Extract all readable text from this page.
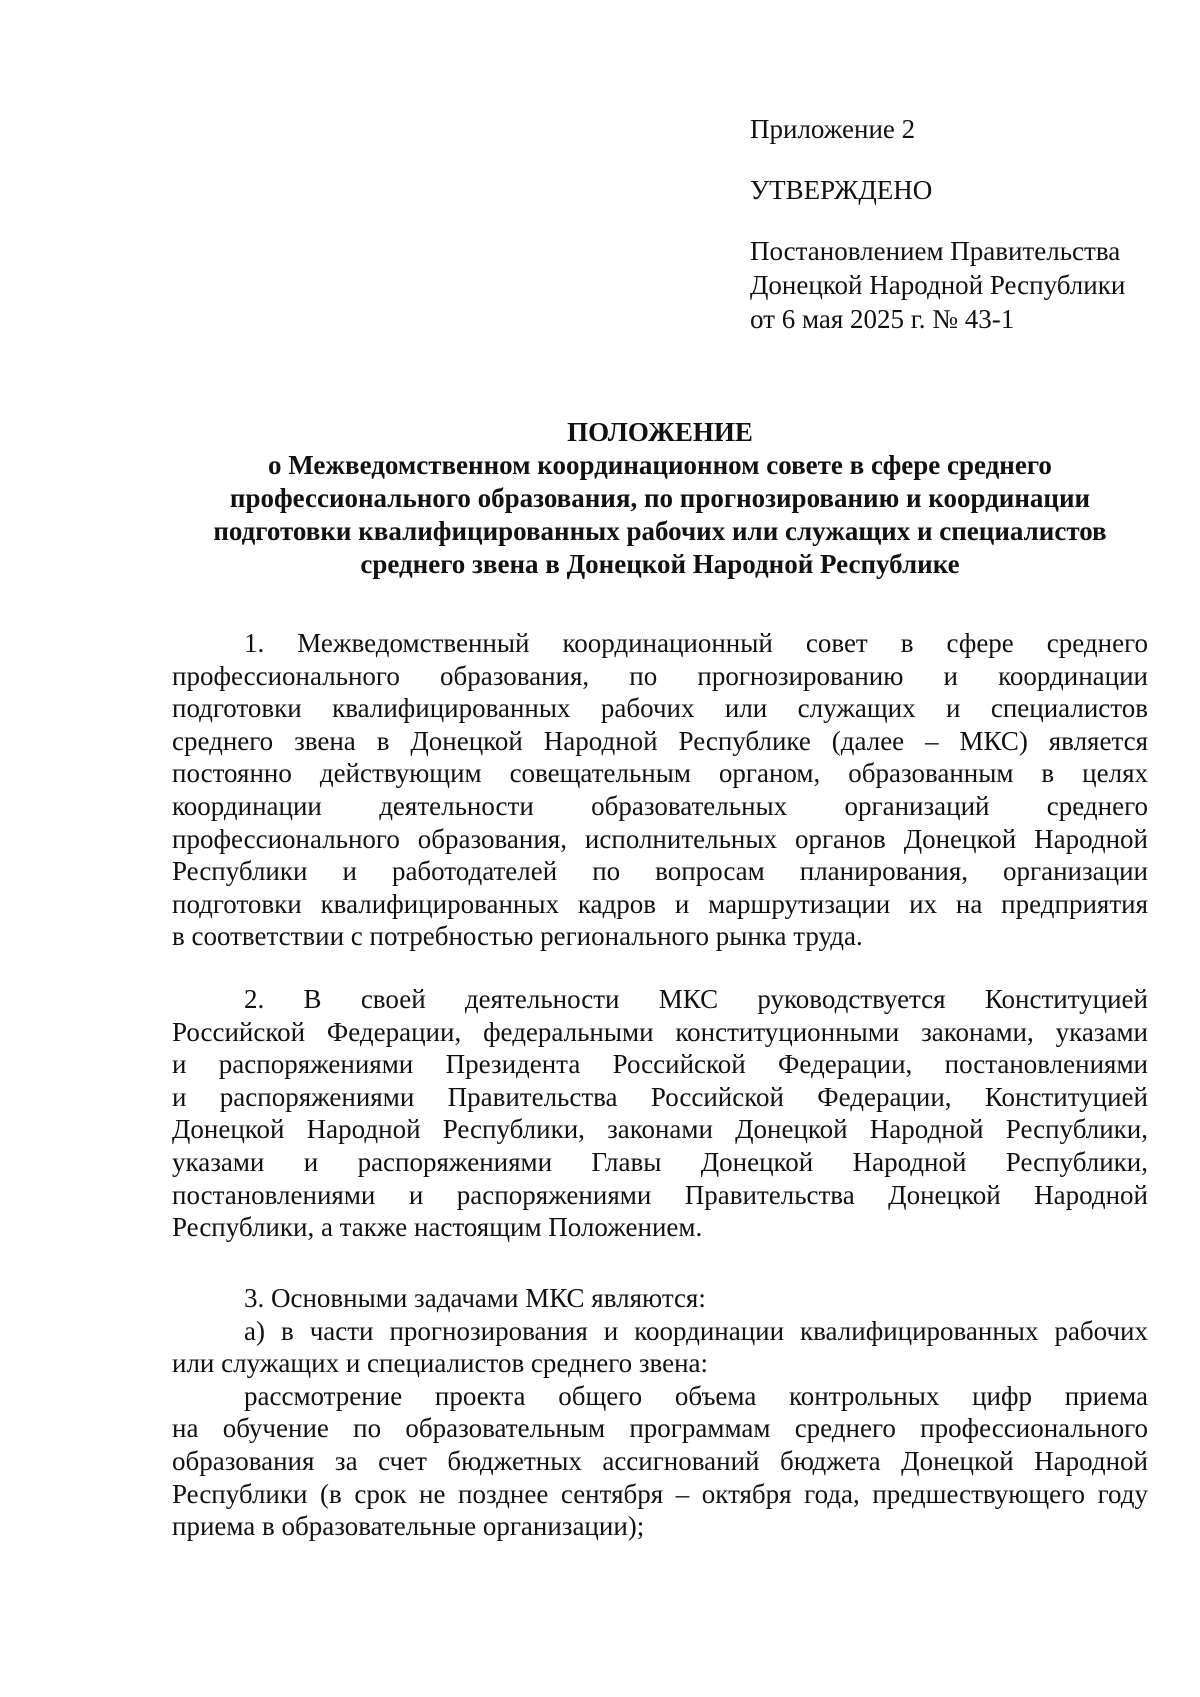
Приложение 2
УТВЕРЖДЕНО
Постановлением Правительства
Донецкой Народной Республики
от 6 мая 2025 г. № 43-1
ПОЛОЖЕНИЕ
о Межведомственном координационном совете в сфере среднего
профессионального образования, по прогнозированию и координации
подготовки квалифицированных рабочих или служащих и специалистов
среднего звена в Донецкой Народной Республике
1. Межведомственный координационный совет в сфере среднего
профессионального образования, по прогнозированию и координации
подготовки квалифицированных рабочих или служащих и специалистов
среднего звена в Донецкой Народной Республике (далее – МКС) является
постоянно действующим совещательным органом, образованным в целях
координации деятельности образовательных организаций среднего
профессионального образования, исполнительных органов Донецкой Народной
Республики и работодателей по вопросам планирования, организации
подготовки квалифицированных кадров и маршрутизации их на предприятия
в соответствии с потребностью регионального рынка труда.
2. В своей деятельности МКС руководствуется Конституцией
Российской Федерации, федеральными конституционными законами, указами
и распоряжениями Президента Российской Федерации, постановлениями
и распоряжениями Правительства Российской Федерации, Конституцией
Донецкой Народной Республики, законами Донецкой Народной Республики,
указами и распоряжениями Главы Донецкой Народной Республики,
постановлениями и распоряжениями Правительства Донецкой Народной
Республики, а также настоящим Положением.
3. Основными задачами МКС являются:
а) в части прогнозирования и координации квалифицированных рабочих
или служащих и специалистов среднего звена:
рассмотрение проекта общего объема контрольных цифр приема
на обучение по образовательным программам среднего профессионального
образования за счет бюджетных ассигнований бюджета Донецкой Народной
Республики (в срок не позднее сентября – октября года, предшествующего году
приема в образовательные организации);
